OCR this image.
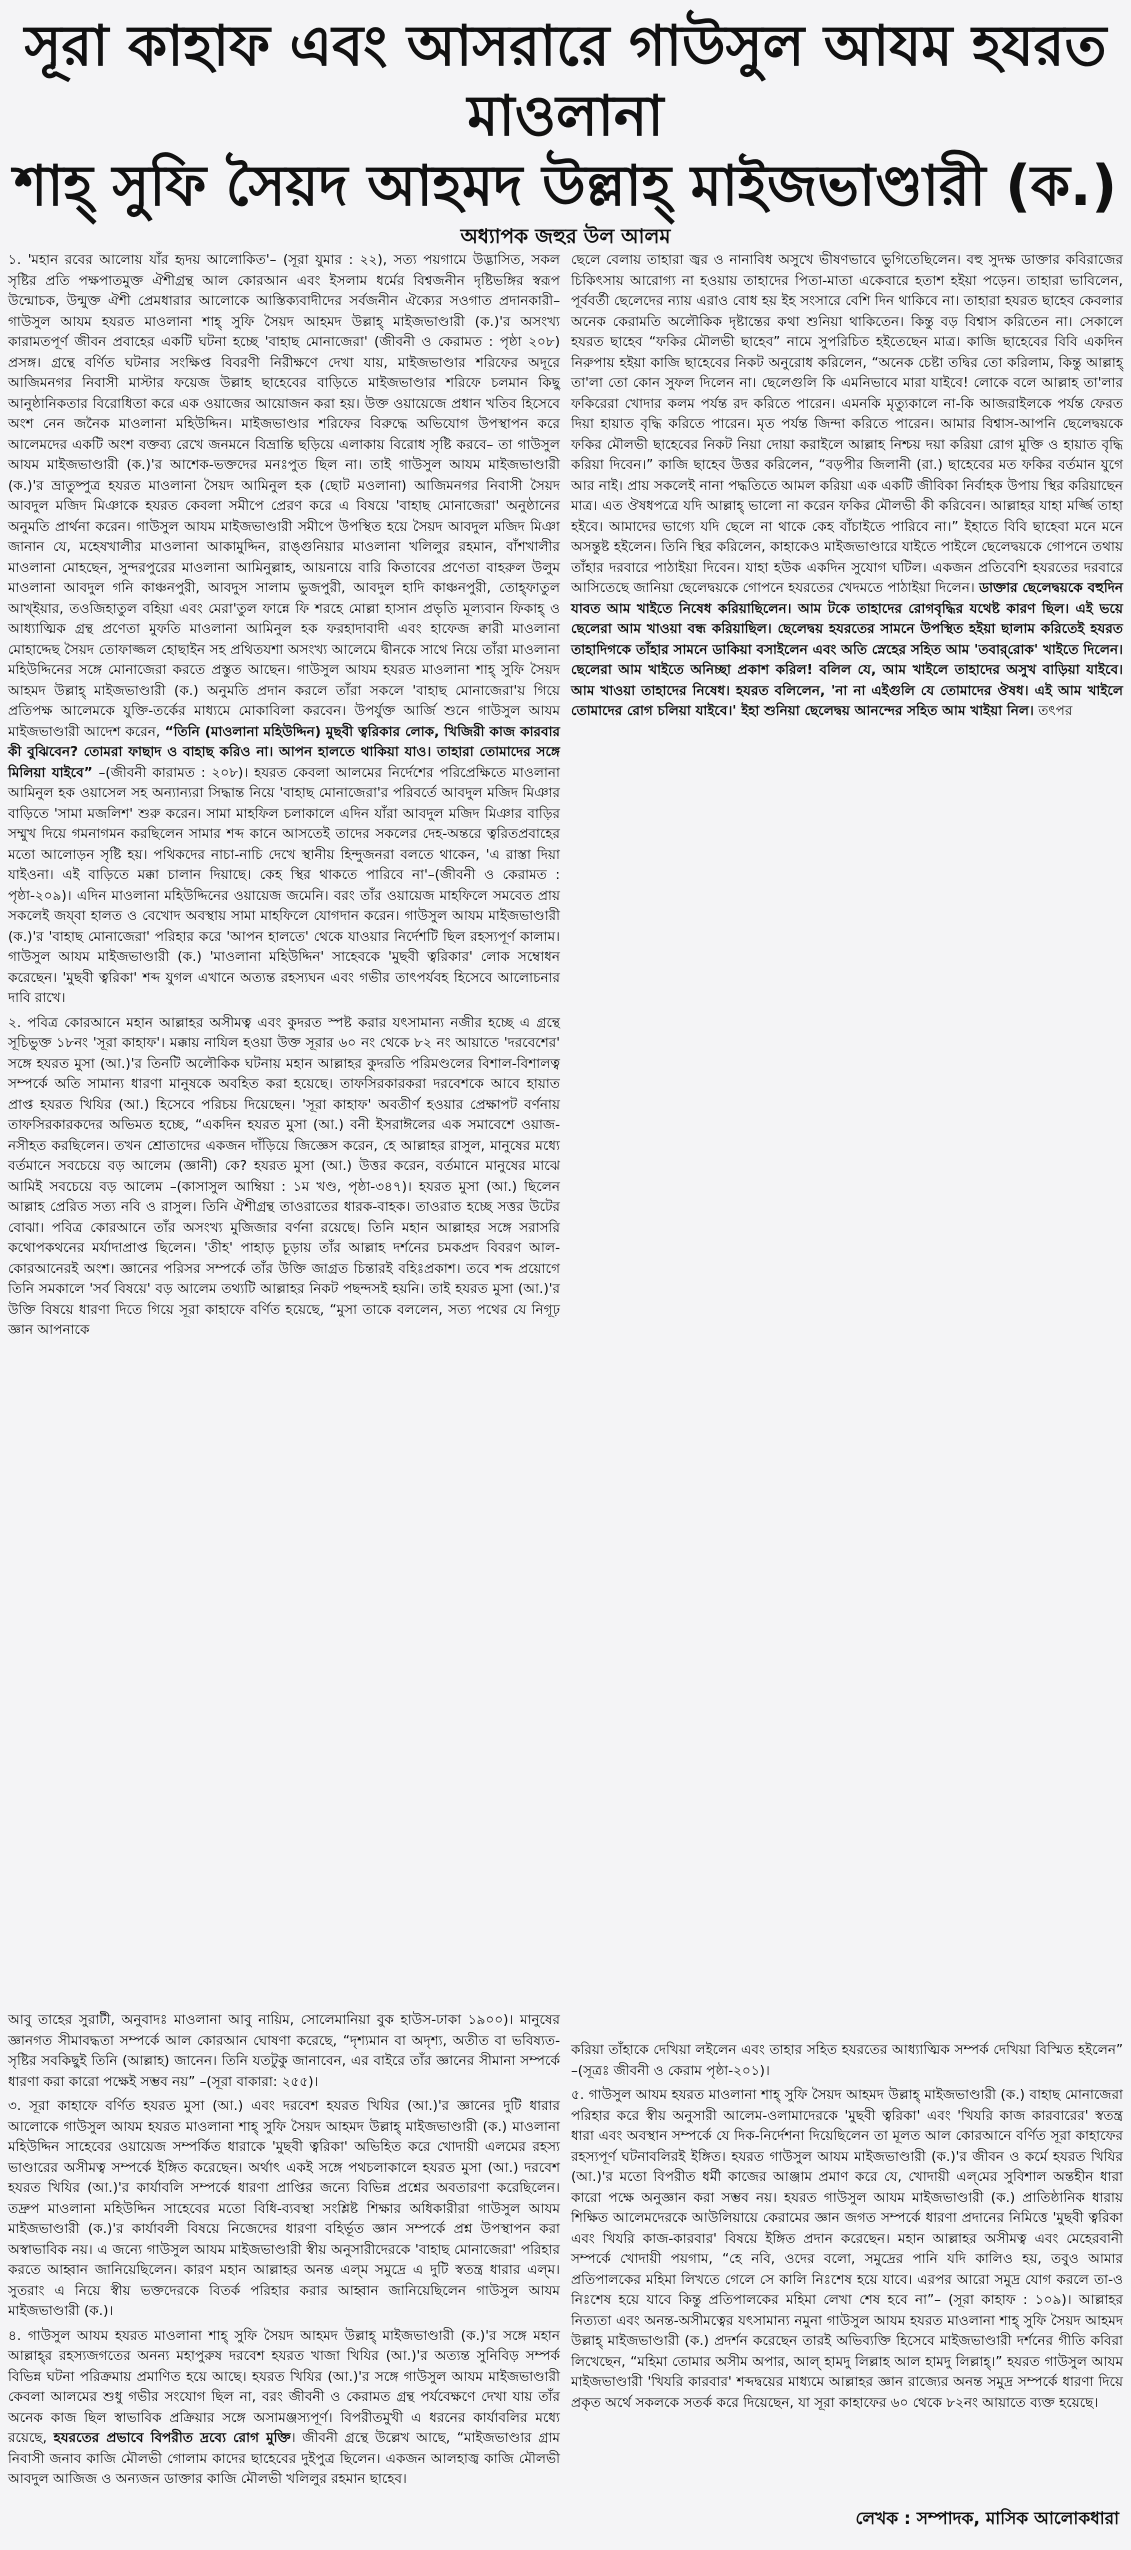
সূরা কাহাফ এবং আসরারে গাউসুল আযম হযরত মাওলানা
শাহ্ সুফি সৈয়দ আহমদ উল্লাহ্ মাইজভাণ্ডারী (ক.)
অধ্যাপক জহুর উল আলম

১. 'মহান রবের আলোয় যাঁর হৃদয় আলোকিত'– (সূরা যুমার : ২২), সত্য পয়গামে উদ্ভাসিত, সকল সৃষ্টির প্রতি পক্ষপাতমুক্ত ঐশীগ্রন্থ আল কোরআন এবং ইসলাম ধর্মের বিশ্বজনীন দৃষ্টিভঙ্গির স্বরূপ উন্মোচক, উন্মুক্ত ঐশী প্রেমধারার আলোকে আস্তিক্যবাদীদের সর্বজনীন ঐক্যের সওগাত প্রদানকারী– গাউসুল আযম হযরত মাওলানা শাহ্ সুফি সৈয়দ আহমদ উল্লাহ্ মাইজভাণ্ডারী (ক.)'র অসংখ্য কারামতপূর্ণ জীবন প্রবাহের একটি ঘটনা হচ্ছে 'বাহাছ মোনাজেরা' (জীবনী ও কেরামত : পৃষ্ঠা ২০৮) প্রসঙ্গ। গ্রন্থে বর্ণিত ঘটনার সংক্ষিপ্ত বিবরণী নিরীক্ষণে দেখা যায়, মাইজভাণ্ডার শরিফের অদূরে আজিমনগর নিবাসী মাস্টার ফয়েজ উল্লাহ ছাহেবের বাড়িতে মাইজভাণ্ডার শরিফে চলমান কিছু আনুষ্ঠানিকতার বিরোধিতা করে এক ওয়াজের আয়োজন করা হয়। উক্ত ওয়ায়েজে প্রধান খতিব হিসেবে অংশ নেন জনৈক মাওলানা মহিউদ্দিন। মাইজভাণ্ডার শরিফের বিরুদ্ধে অভিযোগ উপস্থাপন করে আলেমদের একটি অংশ বক্তব্য রেখে জনমনে বিভ্রান্তি ছড়িয়ে এলাকায় বিরোধ সৃষ্টি করবে– তা গাউসুল আযম মাইজভাণ্ডারী (ক.)'র আশেক-ভক্তদের মনঃপুত ছিল না। তাই গাউসুল আযম মাইজভাণ্ডারী (ক.)'র ভ্রাতুষ্পুত্র হযরত মাওলানা সৈয়দ আমিনুল হক (ছোট মওলানা) আজিমনগর নিবাসী সৈয়দ আবদুল মজিদ মিঞাকে হযরত কেবলা সমীপে প্রেরণ করে এ বিষয়ে 'বাহাছ মোনাজেরা' অনুষ্ঠানের অনুমতি প্রার্থনা করেন। গাউসুল আযম মাইজভাণ্ডারী সমীপে উপস্থিত হয়ে সৈয়দ আবদুল মজিদ মিঞা জানান যে, মহেষখালীর মাওলানা আকামুদ্দিন, রাঙ্গুনিয়ার মাওলানা খলিলুর রহমান, বাঁশখালীর মাওলানা মোহছেন, সুন্দরপুরের মাওলানা আমিনুল্লাহ, আয়নায়ে বারি কিতাবের প্রণেতা বাহরুল উলুম মাওলানা আবদুল গনি কাঞ্চনপুরী, আবদুস সালাম ভুজপুরী, আবদুল হাদি কাঞ্চনপুরী, তোহ্‌ফাতুল আখ্‌ইয়ার, তওজিহাতুল বহিয়া এবং মেরা'তুল ফান্নে ফি শরহে মোল্লা হাসান প্রভৃতি মূল্যবান ফিকাহ্ ও আধ্যাত্মিক গ্রন্থ প্রণেতা মুফতি মাওলানা আমিনুল হক ফরহাদাবাদী এবং হাফেজ ক্বারী মাওলানা মোহাদ্দেছ সৈয়দ তোফাজ্জল হোছাইন সহ প্রথিতযশা অসংখ্য আলেমে দ্বীনকে সাথে নিয়ে তাঁরা মাওলানা মহিউদ্দিনের সঙ্গে মোনাজেরা করতে প্রস্তুত আছেন। গাউসুল আযম হযরত মাওলানা শাহ্ সুফি সৈয়দ আহমদ উল্লাহ্ মাইজভাণ্ডারী (ক.) অনুমতি প্রদান করলে তাঁরা সকলে 'বাহাছ মোনাজেরা'য় গিয়ে প্রতিপক্ষ আলেমকে যুক্তি-তর্কের মাধ্যমে মোকাবিলা করবেন। উপর্যুক্ত আর্জি শুনে গাউসুল আযম মাইজভাণ্ডারী আদেশ করেন, “তিনি (মাওলানা মহিউদ্দিন) মুছবী ত্বরিকার লোক, খিজিরী কাজ কারবার কী বুঝিবেন? তোমরা ফাছাদ ও বাহাছ করিও না। আপন হালতে থাকিয়া যাও। তাহারা তোমাদের সঙ্গে মিলিয়া যাইবে” –(জীবনী কারামত : ২০৮)। হযরত কেবলা আলমের নির্দেশের পরিপ্রেক্ষিতে মাওলানা আমিনুল হক ওয়াসেল সহ অন্যান্যরা সিদ্ধান্ত নিয়ে 'বাহাছ মোনাজেরা'র পরিবর্তে আবদুল মজিদ মিঞার বাড়িতে 'সামা মজলিশ' শুরু করেন। সামা মাহফিল চলাকালে এদিন যাঁরা আবদুল মজিদ মিঞার বাড়ির সম্মুখ দিয়ে গমনাগমন করছিলেন সামার শব্দ কানে আসতেই তাদের সকলের দেহ-অন্তরে ত্বরিতপ্রবাহের মতো আলোড়ন সৃষ্টি হয়। পথিকদের নাচা-নাচি দেখে স্থানীয় হিন্দুজনরা বলতে থাকেন, 'এ রাস্তা দিয়া যাইওনা। এই বাড়িতে মক্কা চালান দিয়াছে। কেহ স্থির থাকতে পারিবে না'–(জীবনী ও কেরামত : পৃষ্ঠা-২০৯)। এদিন মাওলানা মহিউদ্দিনের ওয়ায়েজ জমেনি। বরং তাঁর ওয়ায়েজ মাহফিলে সমবেত প্রায় সকলেই জয্‌বা হালত ও বেখোদ অবস্থায় সামা মাহফিলে যোগদান করেন। গাউসুল আযম মাইজভাণ্ডারী (ক.)'র 'বাহাছ মোনাজেরা' পরিহার করে 'আপন হালতে' থেকে যাওয়ার নির্দেশটি ছিল রহস্যপূর্ণ কালাম। গাউসুল আযম মাইজভাণ্ডারী (ক.) 'মাওলানা মহিউদ্দিন' সাহেবকে 'মুছবী ত্বরিকার' লোক সম্বোধন করেছেন। 'মুছবী ত্বরিকা' শব্দ যুগল এখানে অত্যন্ত রহস্যঘন এবং গভীর তাৎপর্যবহ হিসেবে আলোচনার দাবি রাখে।

২. পবিত্র কোরআনে মহান আল্লাহর অসীমত্ব এবং কুদরত স্পষ্ট করার যৎসামান্য নজীর হচ্ছে এ গ্রন্থে সূচিভুক্ত ১৮নং 'সূরা কাহাফ'। মক্কায় নাযিল হওয়া উক্ত সূরার ৬০ নং থেকে ৮২ নং আয়াতে 'দরবেশের' সঙ্গে হযরত মুসা (আ.)'র তিনটি অলৌকিক ঘটনায় মহান আল্লাহর কুদরতি পরিমণ্ডলের বিশাল-বিশালত্ব সম্পর্কে অতি সামান্য ধারণা মানুষকে অবহিত করা হয়েছে। তাফসিরকারকরা দরবেশকে আবে হায়াত প্রাপ্ত হযরত খিযির (আ.) হিসেবে পরিচয় দিয়েছেন। 'সূরা কাহাফ' অবতীর্ণ হওয়ার প্রেক্ষাপট বর্ণনায় তাফসিরকারকদের অভিমত হচ্ছে, “একদিন হযরত মুসা (আ.) বনী ইসরাঈলের এক সমাবেশে ওয়াজ-নসীহত করছিলেন। তখন শ্রোতাদের একজন দাঁড়িয়ে জিজ্ঞেস করেন, হে আল্লাহর রাসুল, মানুষের মধ্যে বর্তমানে সবচেয়ে বড় আলেম (জ্ঞানী) কে? হযরত মুসা (আ.) উত্তর করেন, বর্তমানে মানুষের মাঝে আমিই সবচেয়ে বড় আলেম –(কাসাসুল আম্বিয়া : ১ম খণ্ড, পৃষ্ঠা-৩৪৭)। হযরত মুসা (আ.) ছিলেন আল্লাহ প্রেরিত সত্য নবি ও রাসুল। তিনি ঐশীগ্রন্থ তাওরাতের ধারক-বাহক। তাওরাত হচ্ছে সত্তর উটের বোঝা। পবিত্র কোরআনে তাঁর অসংখ্য মুজিজার বর্ণনা রয়েছে। তিনি মহান আল্লাহর সঙ্গে সরাসরি কথোপকথনের মর্যাদাপ্রাপ্ত ছিলেন। 'তীহ' পাহাড় চূড়ায় তাঁর আল্লাহ দর্শনের চমকপ্রদ বিবরণ আল-কোরআনেরই অংশ। জ্ঞানের পরিসর সম্পর্কে তাঁর উক্তি জাগ্রত চিন্তারই বহিঃপ্রকাশ। তবে শব্দ প্রয়োগে তিনি সমকালে 'সর্ব বিষয়ে' বড় আলেম তথ্যটি আল্লাহর নিকট পছন্দসই হয়নি। তাই হযরত মুসা (আ.)'র উক্তি বিষয়ে ধারণা দিতে গিয়ে সূরা কাহাফে বর্ণিত হয়েছে, “মুসা তাকে বললেন, সত্য পথের যে নিগূঢ় জ্ঞান আপনাকে

আবু তাহের সুরাটী, অনুবাদঃ মাওলানা আবু নায়িম, সোলেমানিয়া বুক হাউস-ঢাকা ১৯০০)। মানুষের জ্ঞানগত সীমাবদ্ধতা সম্পর্কে আল কোরআন ঘোষণা করেছে, “দৃশ্যমান বা অদৃশ্য, অতীত বা ভবিষ্যত-সৃষ্টির সবকিছুই তিনি (আল্লাহ) জানেন। তিনি যতটুকু জানাবেন, এর বাইরে তাঁর জ্ঞানের সীমানা সম্পর্কে ধারণা করা কারো পক্ষেই সম্ভব নয়” –(সূরা বাকারা: ২৫৫)।

৩. সূরা কাহাফে বর্ণিত হযরত মুসা (আ.) এবং দরবেশ হযরত খিযির (আ.)'র জ্ঞানের দুটি ধারার আলোকে গাউসুল আযম হযরত মাওলানা শাহ্ সুফি সৈয়দ আহমদ উল্লাহ্ মাইজভাণ্ডারী (ক.) মাওলানা মহিউদ্দিন সাহেবের ওয়ায়েজ সম্পর্কিত ধারাকে 'মুছবী ত্বরিকা' অভিহিত করে খোদায়ী এলমের রহস্য ভাণ্ডারের অসীমত্ব সম্পর্কে ইঙ্গিত করেছেন। অর্থাৎ একই সঙ্গে পথচলাকালে হযরত মুসা (আ.) দরবেশ হযরত খিযির (আ.)'র কার্যাবলি সম্পর্কে ধারণা প্রাপ্তির জন্যে বিভিন্ন প্রশ্নের অবতারণা করেছিলেন। তদ্রুপ মাওলানা মহিউদ্দিন সাহেবের মতো বিধি-ব্যবস্থা সংশ্লিষ্ট শিক্ষার অধিকারীরা গাউসুল আযম মাইজভাণ্ডারী (ক.)'র কার্যাবলী বিষয়ে নিজেদের ধারণা বহির্ভূত জ্ঞান সম্পর্কে প্রশ্ন উপস্থাপন করা অস্বাভাবিক নয়। এ জন্যে গাউসুল আযম মাইজভাণ্ডারী স্বীয় অনুসারীদেরকে 'বাহাছ মোনাজেরা' পরিহার করতে আহ্বান জানিয়েছিলেন। কারণ মহান আল্লাহর অনন্ত এল্‌ম সমুদ্রে এ দুটি স্বতন্ত্র ধারার এল্‌ম। সুতরাং এ নিয়ে স্বীয় ভক্তদেরকে বিতর্ক পরিহার করার আহ্বান জানিয়েছিলেন গাউসুল আযম মাইজভাণ্ডারী (ক.)।

৪. গাউসুল আযম হযরত মাওলানা শাহ্ সুফি সৈয়দ আহমদ উল্লাহ্ মাইজভাণ্ডারী (ক.)'র সঙ্গে মহান আল্লাহ্‌র রহস্যজগতের অনন্য মহাপুরুষ দরবেশ হযরত খাজা খিযির (আ.)'র অত্যন্ত সুনিবিড় সম্পর্ক বিভিন্ন ঘটনা পরিক্রমায় প্রমাণিত হয়ে আছে। হযরত খিযির (আ.)'র সঙ্গে গাউসুল আযম মাইজভাণ্ডারী কেবলা আলমের শুধু গভীর সংযোগ ছিল না, বরং জীবনী ও কেরামত গ্রন্থ পর্যবেক্ষণে দেখা যায় তাঁর অনেক কাজ ছিল স্বাভাবিক প্রক্রিয়ার সঙ্গে অসামঞ্জস্যপূর্ণ। বিপরীতমুখী এ ধরনের কার্যাবলির মধ্যে রয়েছে, হযরতের প্রভাবে বিপরীত দ্রব্যে রোগ মুক্তি। জীবনী গ্রন্থে উল্লেখ আছে, “মাইজভাণ্ডার গ্রাম নিবাসী জনাব কাজি মৌলভী গোলাম কাদের ছাহেবের দুইপুত্র ছিলেন। একজন আলহাজ্ব কাজি মৌলভী আবদুল আজিজ ও অন্যজন ডাক্তার কাজি মৌলভী খলিলুর রহমান ছাহেব।

ছেলে বেলায় তাহারা জ্বর ও নানাবিধ অসুখে ভীষণভাবে ভুগিতেছিলেন। বহু সুদক্ষ ডাক্তার কবিরাজের চিকিৎসায় আরোগ্য না হওয়ায় তাহাদের পিতা-মাতা একেবারে হতাশ হইয়া পড়েন। তাহারা ভাবিলেন, পূর্ববর্তী ছেলেদের ন্যায় এরাও বোধ হয় ইহ সংসারে বেশি দিন থাকিবে না। তাহারা হযরত ছাহেব কেবলার অনেক কেরামতি অলৌকিক দৃষ্টান্তের কথা শুনিয়া থাকিতেন। কিন্তু বড় বিশ্বাস করিতেন না। সেকালে হযরত ছাহেব “ফকির মৌলভী ছাহেব” নামে সুপরিচিত হইতেছেন মাত্র। কাজি ছাহেবের বিবি একদিন নিরুপায় হইয়া কাজি ছাহেবের নিকট অনুরোধ করিলেন, “অনেক চেষ্টা তদ্বির তো করিলাম, কিন্তু আল্লাহ্ তা'লা তো কোন সুফল দিলেন না। ছেলেগুলি কি এমনিভাবে মারা যাইবে! লোকে বলে আল্লাহ তা'লার ফকিরেরা খোদার কলম পর্যন্ত রদ করিতে পারেন। এমনকি মৃত্যুকালে না-কি আজরাইলকে পর্যন্ত ফেরত দিয়া হায়াত বৃদ্ধি করিতে পারেন। মৃত পর্যন্ত জিন্দা করিতে পারেন। আমার বিশ্বাস-আপনি ছেলেদ্বয়কে ফকির মৌলভী ছাহেবের নিকট নিয়া দোয়া করাইলে আল্লাহ নিশ্চয় দয়া করিয়া রোগ মুক্তি ও হায়াত বৃদ্ধি করিয়া দিবেন।” কাজি ছাহেব উত্তর করিলেন, “বড়পীর জিলানী (রা.) ছাহেবের মত ফকির বর্তমান যুগে আর নাই। প্রায় সকলেই নানা পদ্ধতিতে আমল করিয়া এক একটি জীবিকা নির্বাহক উপায় স্থির করিয়াছেন মাত্র। এত ঔষধপত্রে যদি আল্লাহ্ ভালো না করেন ফকির মৌলভী কী করিবেন। আল্লাহর যাহা মর্জ্জি তাহা হইবে। আমাদের ভাগ্যে যদি ছেলে না থাকে কেহ বাঁচাইতে পারিবে না।” ইহাতে বিবি ছাহেবা মনে মনে অসন্তুষ্ট হইলেন। তিনি স্থির করিলেন, কাহাকেও মাইজভাণ্ডারে যাইতে পাইলে ছেলেদ্বয়কে গোপনে তথায় তাঁহার দরবারে পাঠাইয়া দিবেন। যাহা হউক একদিন সুযোগ ঘটিল। একজন প্রতিবেশি হযরতের দরবারে আসিতেছে জানিয়া ছেলেদ্বয়কে গোপনে হযরতের খেদমতে পাঠাইয়া দিলেন। ডাক্তার ছেলেদ্বয়কে বহুদিন যাবত আম খাইতে নিষেধ করিয়াছিলেন। আম টকে তাহাদের রোগবৃদ্ধির যথেষ্ট কারণ ছিল। এই ভয়ে ছেলেরা আম খাওয়া বন্ধ করিয়াছিল। ছেলেদ্বয় হযরতের সামনে উপস্থিত হইয়া ছালাম করিতেই হযরত তাহাদিগকে তাঁহার সামনে ডাকিয়া বসাইলেন এবং অতি স্নেহের সহিত আম 'তবার্‌রোক' খাইতে দিলেন। ছেলেরা আম খাইতে অনিচ্ছা প্রকাশ করিল! বলিল যে, আম খাইলে তাহাদের অসুখ বাড়িয়া যাইবে। আম খাওয়া তাহাদের নিষেধ। হযরত বলিলেন, 'না না এইগুলি যে তোমাদের ঔষধ। এই আম খাইলে তোমাদের রোগ চলিয়া যাইবে।' ইহা শুনিয়া ছেলেদ্বয় আনন্দের সহিত আম খাইয়া নিল। তৎপর

করিয়া তাঁহাকে দেখিয়া লইলেন এবং তাহার সহিত হযরতের আধ্যাত্মিক সম্পর্ক দেখিয়া বিস্মিত হইলেন” –(সূত্রঃ জীবনী ও কেরাম পৃষ্ঠা-২০১)।

৫. গাউসুল আযম হযরত মাওলানা শাহ্ সুফি সৈয়দ আহমদ উল্লাহ্ মাইজভাণ্ডারী (ক.) বাহাছ মোনাজেরা পরিহার করে স্বীয় অনুসারী আলেম-ওলামাদেরকে 'মুছবী ত্বরিকা' এবং 'খিযরি কাজ কারবারের' স্বতন্ত্র ধারা এবং অবস্থান সম্পর্কে যে দিক-নির্দেশনা দিয়েছিলেন তা মূলত আল কোরআনে বর্ণিত সূরা কাহাফের রহস্যপূর্ণ ঘটনাবলিরই ইঙ্গিত। হযরত গাউসুল আযম মাইজভাণ্ডারী (ক.)'র জীবন ও কর্মে হযরত খিযির (আ.)'র মতো বিপরীত ধর্মী কাজের আঞ্জাম প্রমাণ করে যে, খোদায়ী এল্‌মের সুবিশাল অন্তহীন ধারা কারো পক্ষে অনুজ্ঞান করা সম্ভব নয়। হযরত গাউসুল আযম মাইজভাণ্ডারী (ক.) প্রাতিষ্ঠানিক ধারায় শিক্ষিত আলেমদেরকে আউলিয়ায়ে কেরামের জ্ঞান জগত সম্পর্কে ধারণা প্রদানের নিমিত্তে 'মুছবী ত্বরিকা এবং খিযরি কাজ-কারবার' বিষয়ে ইঙ্গিত প্রদান করেছেন। মহান আল্লাহর অসীমত্ব এবং মেহেরবানী সম্পর্কে খোদায়ী পয়গাম, “হে নবি, ওদের বলো, সমুদ্রের পানি যদি কালিও হয়, তবুও আমার প্রতিপালকের মহিমা লিখতে গেলে সে কালি নিঃশেষ হয়ে যাবে। এরপর আরো সমুদ্র যোগ করলে তা-ও নিঃশেষ হয়ে যাবে কিন্তু প্রতিপালকের মহিমা লেখা শেষ হবে না”– (সূরা কাহাফ : ১০৯)। আল্লাহর নিত্যতা এবং অনন্ত-অসীমত্বের যৎসামান্য নমুনা গাউসুল আযম হযরত মাওলানা শাহ্ সুফি সৈয়দ আহমদ উল্লাহ্ মাইজভাণ্ডারী (ক.) প্রদর্শন করেছেন তারই অভিব্যক্তি হিসেবে মাইজভাণ্ডারী দর্শনের গীতি কবিরা লিখেছেন, “মহিমা তোমার অসীম অপার, আল্ হামদু লিল্লাহ আল হামদু লিল্লাহ্।” হযরত গাউসুল আযম মাইজভাণ্ডারী 'খিযরি কারবার' শব্দদ্বয়ের মাধ্যমে আল্লাহর জ্ঞান রাজ্যের অনন্ত সমুদ্র সম্পর্কে ধারণা দিয়ে প্রকৃত অর্থে সকলকে সতর্ক করে দিয়েছেন, যা সূরা কাহাফের ৬০ থেকে ৮২নং আয়াতে ব্যক্ত হয়েছে।

লেখক : সম্পাদক, মাসিক আলোকধারা
